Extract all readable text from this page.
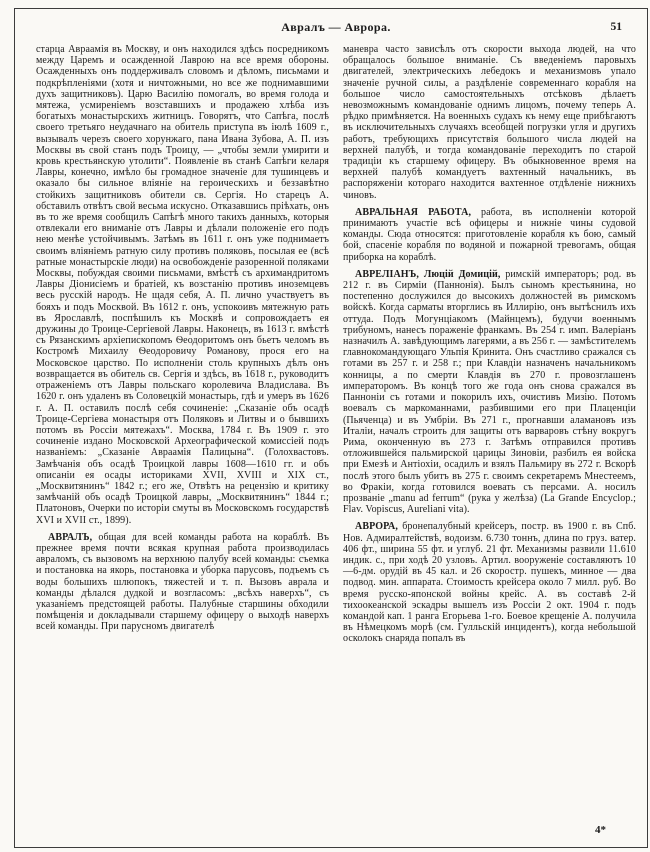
Авралъ — Аврора.	51

старца Авраамія въ Москву, и онъ находился здѣсь посредникомъ между Царемъ и осажденной Лаврою на все время обороны. Осажденныхъ онъ поддерживалъ словомъ и дѣломъ, письмами и подкрѣпленіями (хотя и ничтожными, но все же поднимавшими духъ защитниковъ). Царю Василію помогалъ, во время голода и мятежа, усмиреніемъ возставшихъ и продажею хлѣба изъ богатыхъ монастырскихъ житницъ. Говорятъ, что Сапѣга, послѣ своего третьяго неудачнаго на обитель приступа въ іюлѣ 1609 г., вызывалъ черезъ своего хорунжаго, пана Ивана Зубова, А. П. изъ Москвы въ свой станъ подъ Троицу, — „чтобы земли умирити и кровь крестьянскую утолити“. Появленіе въ станѣ Сапѣги келаря Лавры, конечно, имѣло бы громадное значеніе для тушинцевъ и оказало бы сильное вліяніе на героическихъ и беззавѣтно стойкихъ защитниковъ обители св. Сергія. Но старецъ А. обставилъ отвѣтъ свой весьма искусно. Отказавшись пріѣхать, онъ въ то же время сообщилъ Сапѣгѣ много такихъ данныхъ, которыя отвлекали его вниманіе отъ Лавры и дѣлали положеніе его подъ нею менѣе устойчивымъ. Затѣмъ въ 1611 г. онъ уже поднимаетъ своимъ вліяніемъ ратную силу противъ поляковъ, посылая ее (всѣ ратные монастырскіе люди) на освобожденіе разоренной поляками Москвы, побуждая своими письмами, вмѣстѣ съ архимандритомъ Лавры Діонисіемъ и братіей, къ возстанію противъ иноземцевъ весь русскій народъ. Не щадя себя, А. П. лично участвуетъ въ бояхъ и подъ Москвой. Въ 1612 г. онъ, успокоивъ мятежную рать въ Ярославлѣ, поспѣшилъ къ Москвѣ и сопровождаетъ ея дружины до Троице-Сергіевой Лавры. Наконецъ, въ 1613 г. вмѣстѣ съ Рязанскимъ архіепископомъ Ѳеодоритомъ онъ бьетъ челомъ въ Костромѣ Михаилу Ѳеодоровичу Романову, прося его на Московское царство. По исполненіи столь крупныхъ дѣлъ онъ возвращается въ обитель св. Сергія и здѣсь, въ 1618 г., руководитъ отраженіемъ отъ Лавры польскаго королевича Владислава. Въ 1620 г. онъ удаленъ въ Соловецкій монастырь, гдѣ и умеръ въ 1626 г. А. П. оставилъ послѣ себя сочиненіе: „Сказаніе объ осадѣ Троице-Сергіева монастыря отъ Поляковъ и Литвы и о бывшихъ потомъ въ Россіи мятежахъ“. Москва, 1784 г. Въ 1909 г. это сочиненіе издано Московской Археографической комиссіей подъ названіемъ: „Сказаніе Авраамія Палицына“. (Голохвастовъ. Замѣчанія объ осадѣ Троицкой лавры 1608—1610 гг. и объ описаніи ея осады историками XVII, XVIII и XIX ст., „Москвитянинъ“ 1842 г.; его же, Отвѣтъ на рецензію и критику замѣчаній объ осадѣ Троицкой лавры, „Москвитянинъ“ 1844 г.; Платоновъ, Очерки по исторіи смуты въ Московскомъ государствѣ XVI и XVII ст., 1899).

АВРАЛЪ, общая для всей команды работа на кораблѣ. Въ прежнее время почти всякая крупная работа производилась авраломъ, съ вызовомъ на верхнюю палубу всей команды: съемка и постановка на якорь, постановка и уборка парусовъ, подъемъ съ воды большихъ шлюпокъ, тяжестей и т. п. Вызовъ аврала и команды дѣлался дудкой и возгласомъ: „всѣхъ наверхъ“, съ указаніемъ предстоящей работы. Палубные старшины обходили помѣщенія и докладывали старшему офицеру о выходѣ наверхъ всей команды. При парусномъ двигателѣ

маневра часто зависѣлъ отъ скорости выхода людей, на что обращалось большое вниманіе. Съ введеніемъ паровыхъ двигателей, электрическихъ лебедокъ и механизмовъ упало значеніе ручной силы, а раздѣленіе современнаго корабля на большое число самостоятельныхъ отсѣковъ дѣлаетъ невозможнымъ командованіе однимъ лицомъ, почему теперь А. рѣдко примѣняется. На военныхъ судахъ къ нему еще прибѣгаютъ въ исключительныхъ случаяхъ всеобщей погрузки угля и другихъ работъ, требующихъ присутствія большого числа людей на верхней палубѣ, и тогда командованіе переходитъ по старой традиціи къ старшему офицеру. Въ обыкновенное время на верхней палубѣ командуетъ вахтенный начальникъ, въ распоряженіи котораго находится вахтенное отдѣленіе нижнихъ чиновъ.

АВРАЛЬНАЯ РАБОТА, работа, въ исполненіи которой принимаютъ участіе всѣ офицеры и нижніе чины судовой команды. Сюда относятся: приготовленіе корабля къ бою, самый бой, спасеніе корабля по водяной и пожарной тревогамъ, общая приборка на кораблѣ.

АВРЕЛІАНЪ, Люцій Домицій, римскій императоръ; род. въ 212 г. въ Сирміи (Паннонія). Былъ сыномъ крестьянина, но постепенно дослужился до высокихъ должностей въ римскомъ войскѣ. Когда сарматы вторглись въ Иллирію, онъ вытѣснилъ ихъ оттуда. Подъ Могунціакомъ (Майнцемъ), будучи военнымъ трибуномъ, нанесъ пораженіе франкамъ. Въ 254 г. имп. Валеріанъ назначилъ А. завѣдующимъ лагерями, а въ 256 г. — замѣстителемъ главнокомандующаго Ульпія Кринита. Онъ счастливо сражался съ готами въ 257 г. и 258 г.; при Клавдіи назначенъ начальникомъ конницы, а по смерти Клавдія въ 270 г. провозглашенъ императоромъ. Въ концѣ того же года онъ снова сражался въ Панноніи съ готами и покорилъ ихъ, очистивъ Мизію. Потомъ воевалъ съ маркоманнами, разбившими его при Плаценціи (Пьяченца) и въ Умбріи. Въ 271 г., прогнавши аламановъ изъ Италіи, началъ строить для защиты отъ варваровъ стѣну вокругъ Рима, оконченную въ 273 г. Затѣмъ отправился противъ отложившейся пальмирской царицы Зиновіи, разбилъ ея войска при Емезѣ и Антіохіи, осадилъ и взялъ Пальмиру въ 272 г. Вскорѣ послѣ этого былъ убитъ въ 275 г. своимъ секретаремъ Мнестеемъ, во Фракіи, когда готовился воевать съ персами. А. носилъ прозваніе „manu ad ferrum“ (рука у желѣза) (La Grande Encyclop.; Flav. Vopiscus, Aureliani vita).

АВРОРА, бронепалубный крейсеръ, постр. въ 1900 г. въ Спб. Нов. Адмиралтействѣ, водоизм. 6.730 тоннъ, длина по груз. ватер. 406 фт., ширина 55 фт. и углуб. 21 фт. Механизмы развили 11.610 индик. с., при ходѣ 20 узловъ. Артил. вооруженіе составляютъ 10—6-дм. орудій въ 45 кал. и 26 скоростр. пушекъ, минное — два подвод. мин. аппарата. Стоимость крейсера около 7 милл. руб. Во время русско-японской войны крейс. А. въ составѣ 2-й тихоокеанской эскадры вышелъ изъ Россіи 2 окт. 1904 г. подъ командой кап. 1 ранга Егорьева 1-го. Боевое крещеніе А. получила въ Нѣмецкомъ морѣ (см. Гулльскій инцидентъ), когда небольшой осколокъ снаряда попалъ въ

4*
